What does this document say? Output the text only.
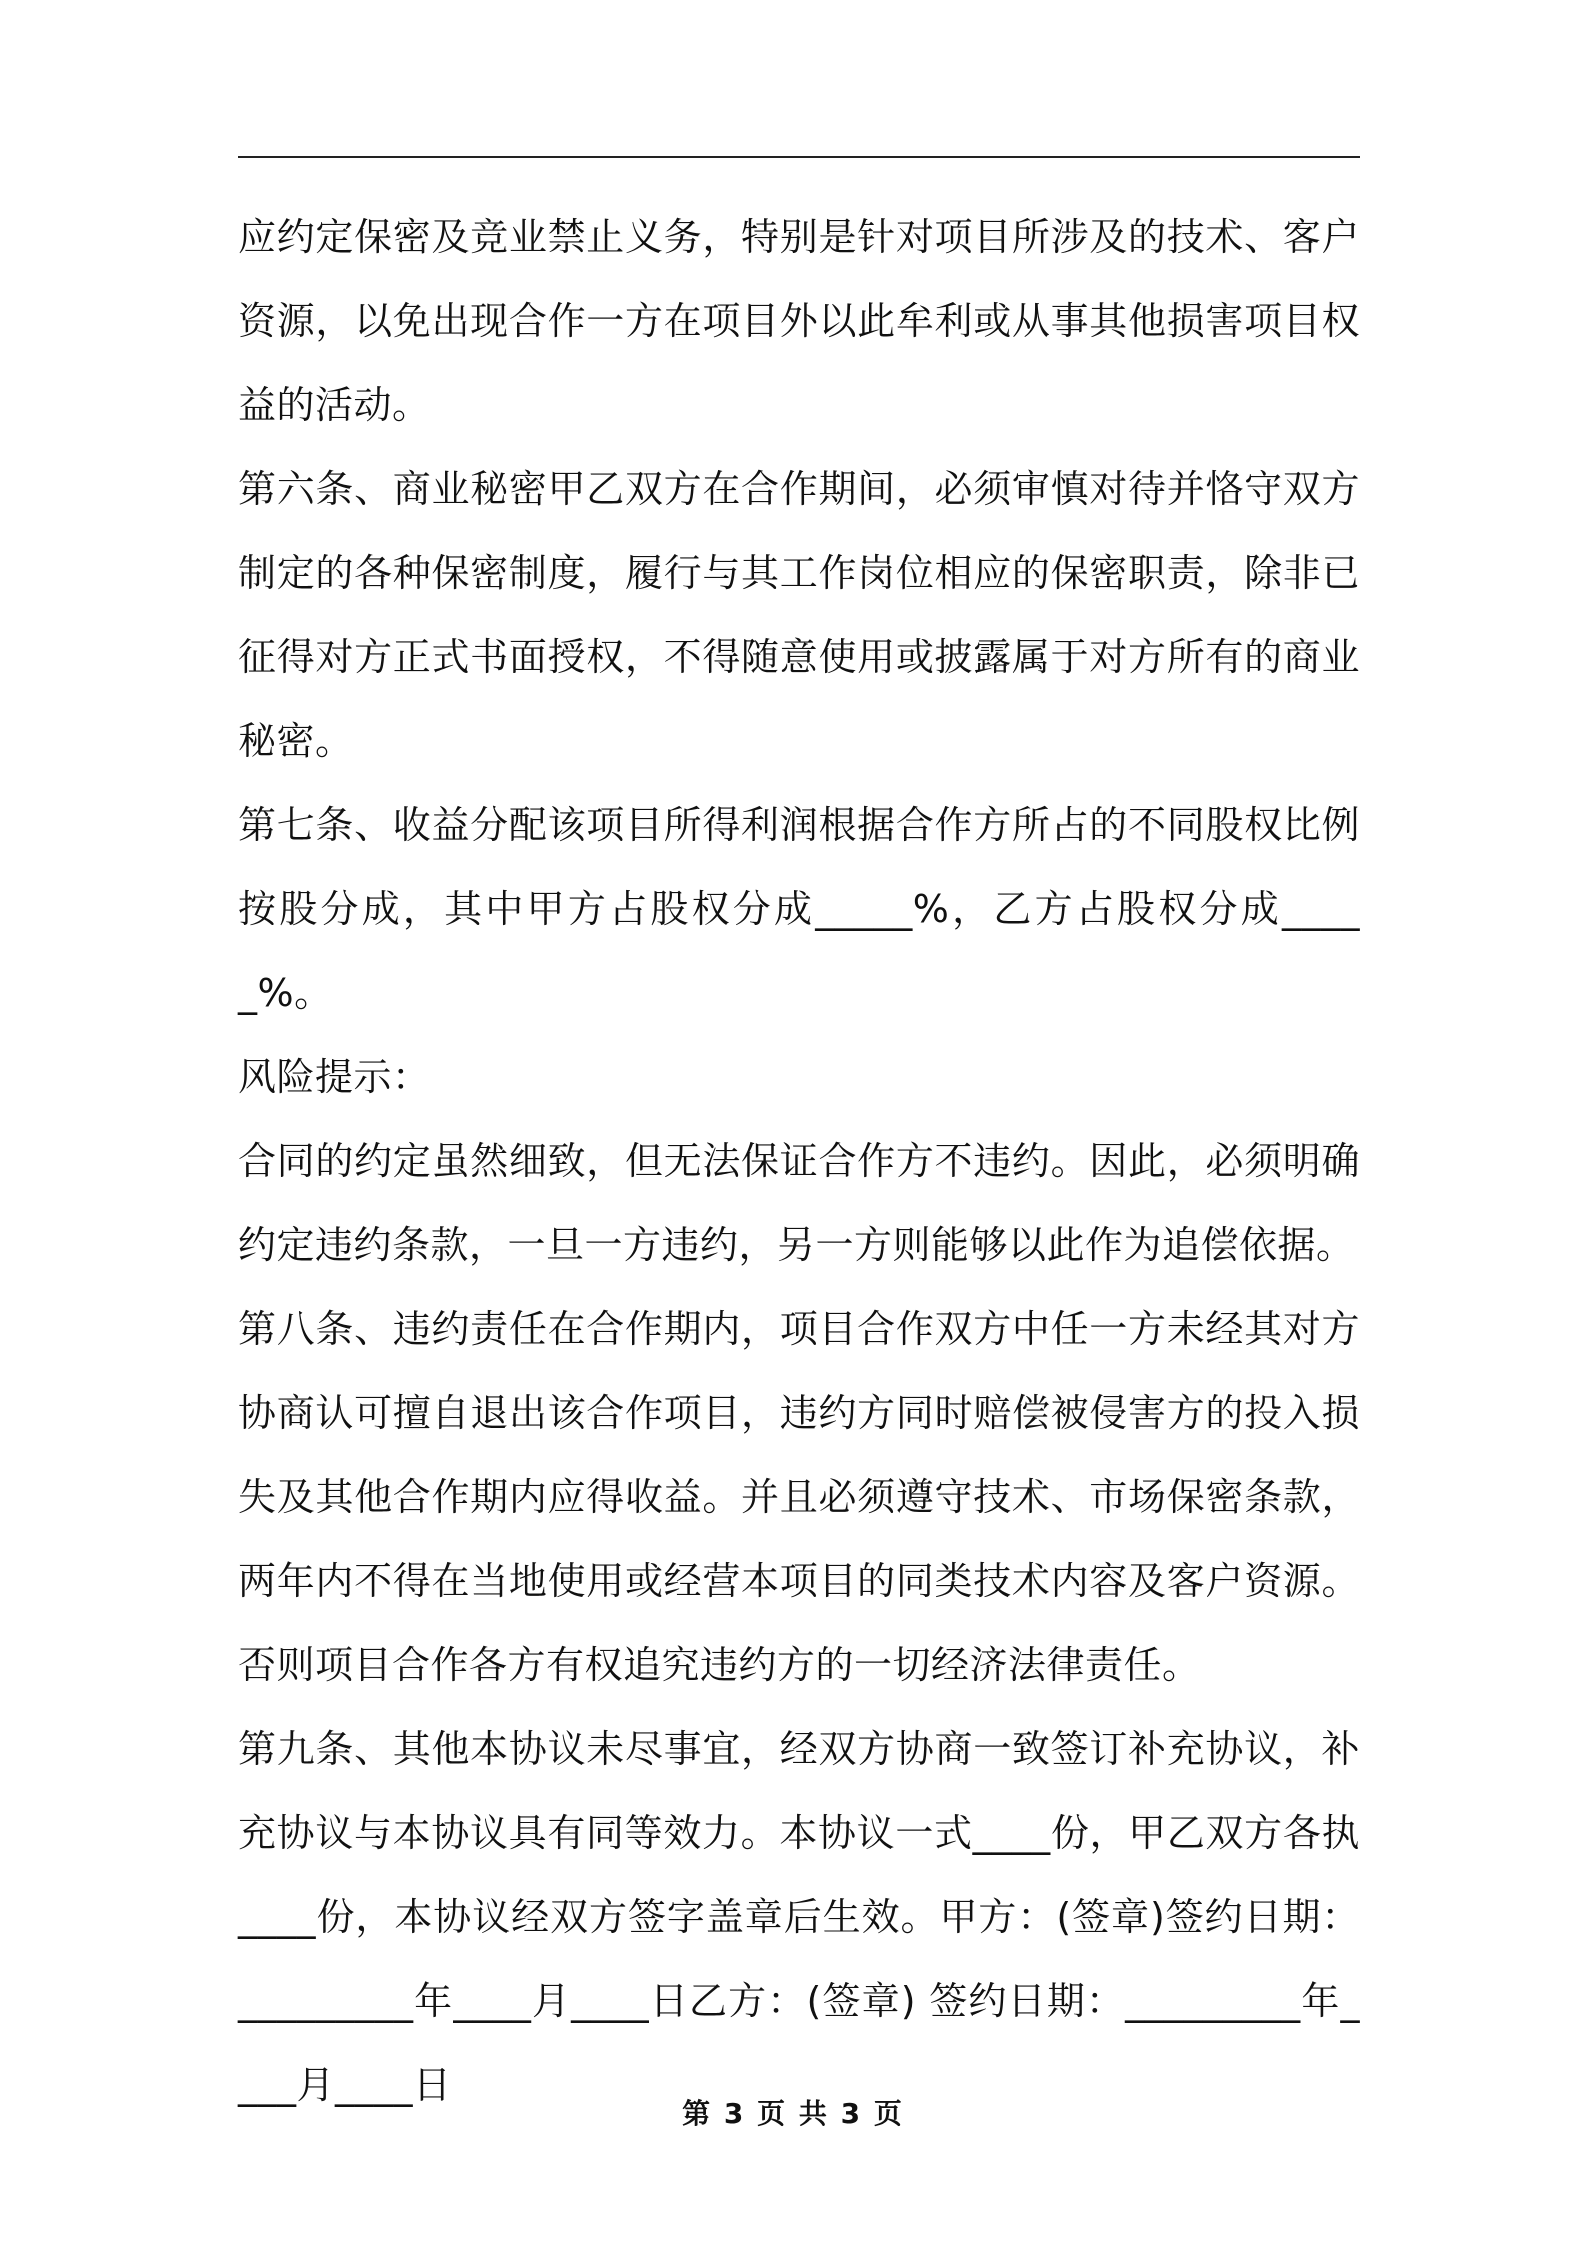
应约定保密及竞业禁止义务，特别是针对项目所涉及的技术、客户资源，以免出现合作一方在项目外以此牟利或从事其他损害项目权益的活动。

第六条、商业秘密甲乙双方在合作期间，必须审慎对待并恪守双方制定的各种保密制度，履行与其工作岗位相应的保密职责，除非已征得对方正式书面授权，不得随意使用或披露属于对方所有的商业秘密。

第七条、收益分配该项目所得利润根据合作方所占的不同股权比例按股分成，其中甲方占股权分成_____%，乙方占股权分成_____%。

风险提示：

合同的约定虽然细致，但无法保证合作方不违约。因此，必须明确约定违约条款，一旦一方违约，另一方则能够以此作为追偿依据。

第八条、违约责任在合作期内，项目合作双方中任一方未经其对方协商认可擅自退出该合作项目，违约方同时赔偿被侵害方的投入损失及其他合作期内应得收益。并且必须遵守技术、市场保密条款，两年内不得在当地使用或经营本项目的同类技术内容及客户资源。否则项目合作各方有权追究违约方的一切经济法律责任。

第九条、其他本协议未尽事宜，经双方协商一致签订补充协议，补充协议与本协议具有同等效力。本协议一式____份，甲乙双方各执____份，本协议经双方签字盖章后生效。甲方：(签章)签约日期：_________年____月____日乙方：(签章) 签约日期：_________年____月____日

第 3 页 共 3 页
